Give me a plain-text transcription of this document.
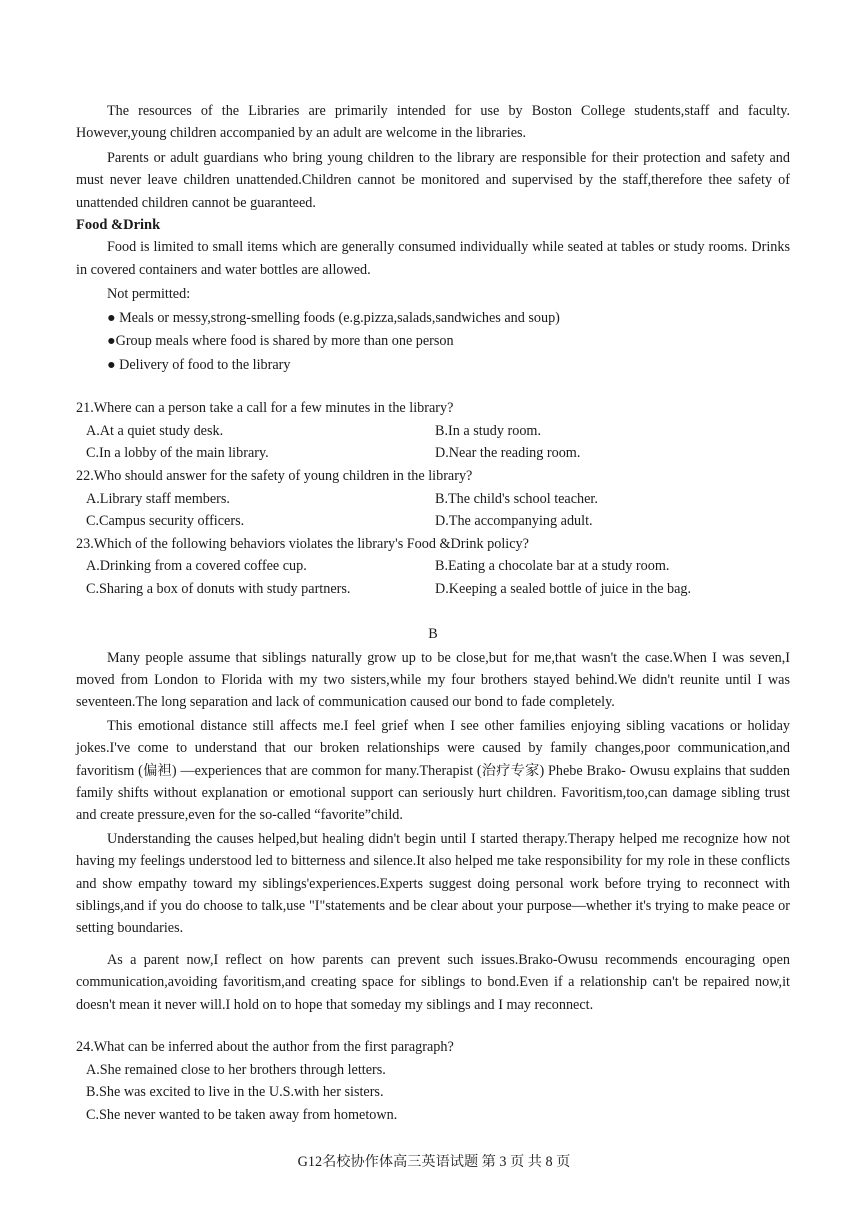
The resources of the Libraries are primarily intended for use by Boston College students,staff and faculty. However,young children accompanied by an adult are welcome in the libraries.

Parents or adult guardians who bring young children to the library are responsible for their protection and safety and must never leave children unattended.Children cannot be monitored and supervised by the staff,therefore thee safety of unattended children cannot be guaranteed.

Food &Drink

Food is limited to small items which are generally consumed individually while seated at tables or study rooms. Drinks in covered containers and water bottles are allowed.

Not permitted:

● Meals or messy,strong-smelling foods (e.g.pizza,salads,sandwiches and soup)

●Group meals where food is shared by more than one person

● Delivery of food to the library

21.Where can a person take a call for a few minutes in the library?

A.At a quiet study desk.	B.In a study room.

C.In a lobby of the main library.	D.Near the reading room.

22.Who should answer for the safety of young children in the library?

A.Library staff members.	B.The child's school teacher.

C.Campus security officers.	D.The accompanying adult.

23.Which of the following behaviors violates the library's Food &Drink policy?

A.Drinking from a covered coffee cup.	B.Eating a chocolate bar at a study room.

C.Sharing a box of donuts with study partners.	D.Keeping a sealed bottle of juice in the bag.

B

Many people assume that siblings naturally grow up to be close,but for me,that wasn't the case.When I was seven,I moved from London to Florida with my two sisters,while my four brothers stayed behind.We didn't reunite until I was seventeen.The long separation and lack of communication caused our bond to fade completely.

This emotional distance still affects me.I feel grief when I see other families enjoying sibling vacations or holiday jokes.I've come to understand that our broken relationships were caused by family changes,poor communication,and favoritism (偏袒) —experiences that are common for many.Therapist (治疗专家) Phebe Brako- Owusu explains that sudden family shifts without explanation or emotional support can seriously hurt children. Favoritism,too,can damage sibling trust and create pressure,even for the so-called “favorite”child.

Understanding the causes helped,but healing didn't begin until I started therapy.Therapy helped me recognize how not having my feelings understood led to bitterness and silence.It also helped me take responsibility for my role in these conflicts and show empathy toward my siblings'experiences.Experts suggest doing personal work before trying to reconnect with siblings,and if you do choose to talk,use "I"statements and be clear about your purpose—whether it's trying to make peace or setting boundaries.

As a parent now,I reflect on how parents can prevent such issues.Brako-Owusu recommends encouraging open communication,avoiding favoritism,and creating space for siblings to bond.Even if a relationship can't be repaired now,it doesn't mean it never will.I hold on to hope that someday my siblings and I may reconnect.

24.What can be inferred about the author from the first paragraph?

A.She remained close to her brothers through letters.

B.She was excited to live in the U.S.with her sisters.

C.She never wanted to be taken away from hometown.

G12名校协作体高三英语试题 第 3 页 共 8 页
